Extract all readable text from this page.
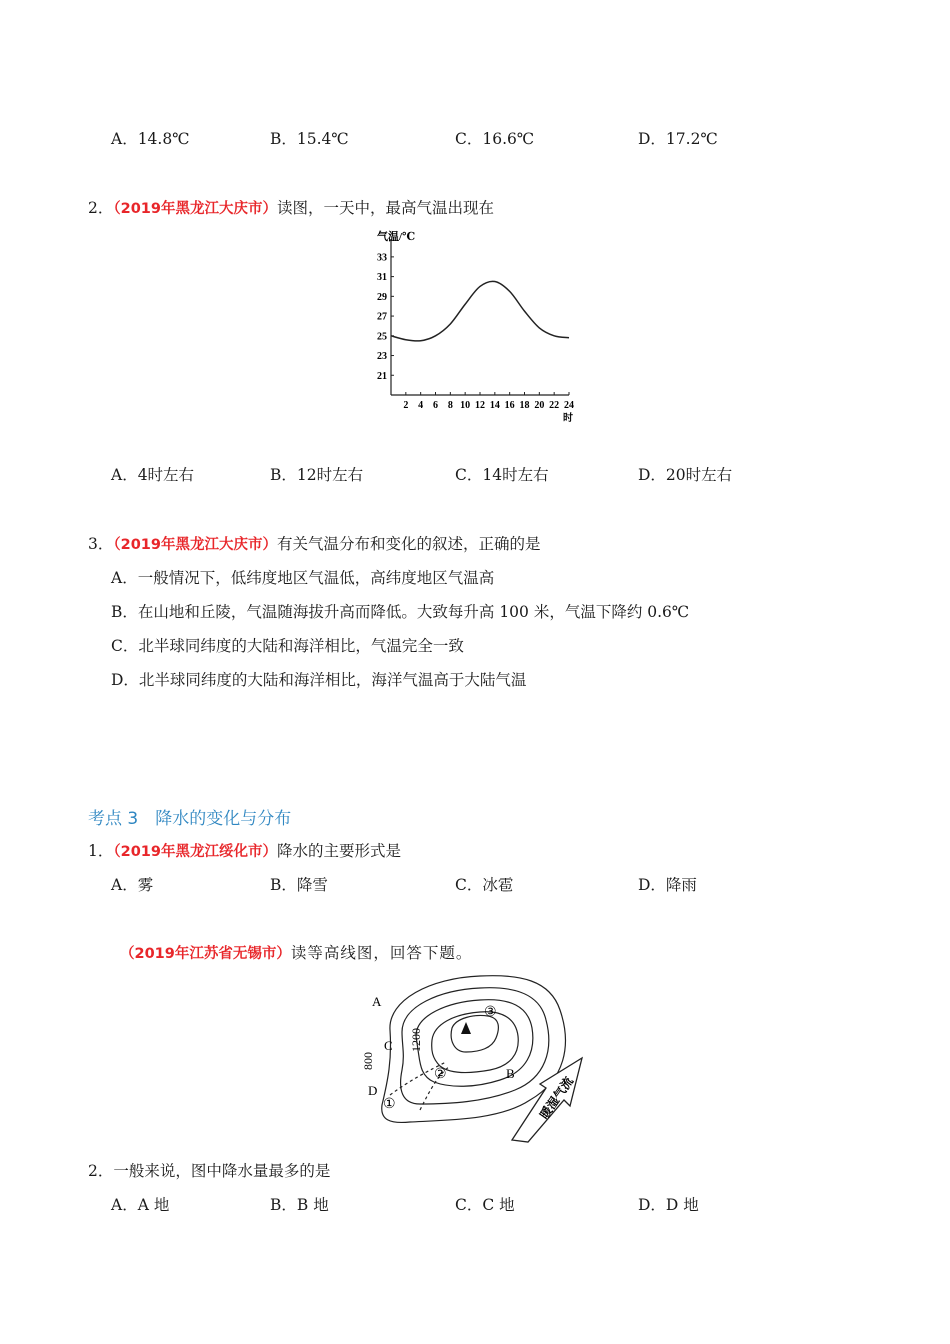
A．14.8℃	B．15.4℃	C．16.6℃	D．17.2℃
2．（2019年黑龙江大庆市）读图，一天中，最高气温出现在
气温/℃
时
2 4 6 8 10 12 14 16 18 20 22 24
21
23
25
27
29
31
33
A．4时左右	B．12时左右	C．14时左右	D．20时左右
3．（2019年黑龙江大庆市）有关气温分布和变化的叙述，正确的是
A．一般情况下，低纬度地区气温低，高纬度地区气温高
B．在山地和丘陵，气温随海拔升高而降低。大致每升高 100 米，气温下降约 0.6℃
C．北半球同纬度的大陆和海洋相比，气温完全一致
D．北半球同纬度的大陆和海洋相比，海洋气温高于大陆气温
考点 3　降水的变化与分布
1．（2019年黑龙江绥化市）降水的主要形式是
A．雾	B．降雪	C．冰雹	D．降雨
（2019年江苏省无锡市）读等高线图，回答下题。
A
B
C
D
800
1200
①
②
③
暖湿气流
2．一般来说，图中降水量最多的是
A．A 地	B．B 地	C．C 地	D．D 地
